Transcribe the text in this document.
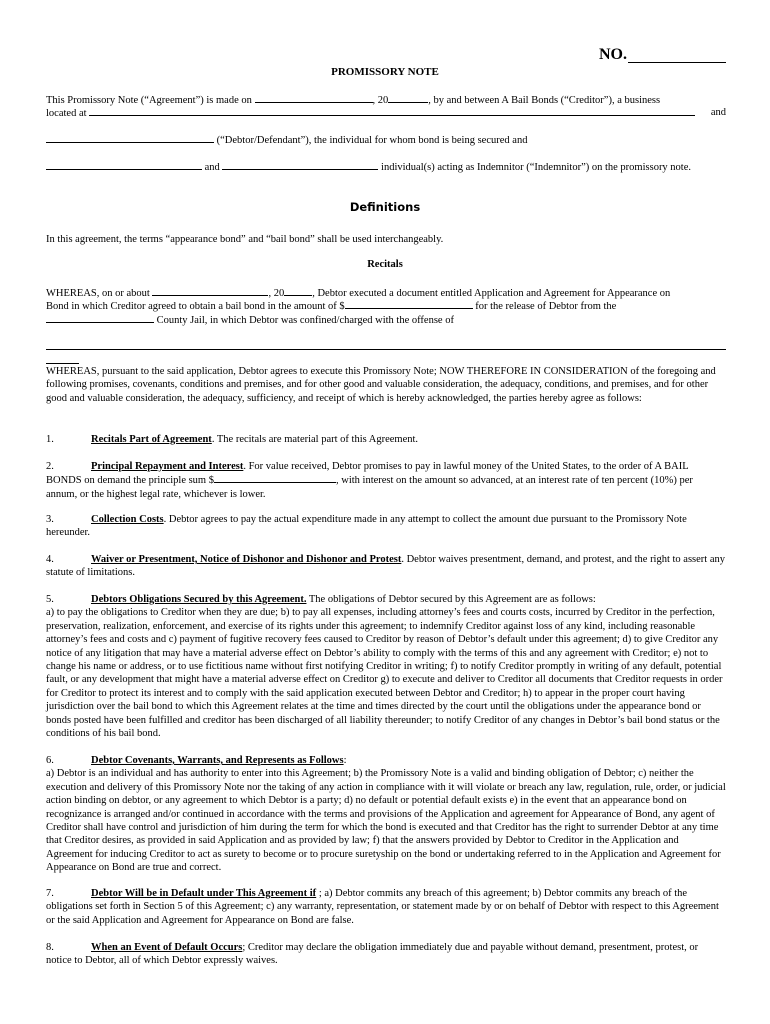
NO.
PROMISSORY NOTE
This Promissory Note (“Agreement”) is made on	, 20	, by and between A Bail Bonds (“Creditor”), a business
located at	and
(“Debtor/Defendant”), the individual for whom bond is being secured and
and	individual(s) acting as Indemnitor (“Indemnitor”) on the promissory note.
Definitions
In this agreement, the terms “appearance bond” and “bail bond” shall be used interchangeably.
Recitals
WHEREAS, on or about	, 20	, Debtor executed a document entitled Application and Agreement for Appearance on
Bond in which Creditor agreed to obtain a bail bond in the amount of $	for the release of Debtor from the
County Jail, in which Debtor was confined/charged with the offense of
WHEREAS, pursuant to the said application, Debtor agrees to execute this Promissory Note; NOW THEREFORE IN CONSIDERATION of the foregoing and following promises, covenants, conditions and premises, and for other good and valuable consideration, the adequacy, conditions, and premises, and for other good and valuable consideration, the adequacy, sufficiency, and receipt of which is hereby acknowledged, the parties hereby agree as follows:
1.	Recitals Part of Agreement. The recitals are material part of this Agreement.
2.	Principal Repayment and Interest. For value received, Debtor promises to pay in lawful money of the United States, to the order of A BAIL BONDS on demand the principle sum $	, with interest on the amount so advanced, at an interest rate of ten percent (10%) per annum, or the highest legal rate, whichever is lower.
3.	Collection Costs. Debtor agrees to pay the actual expenditure made in any attempt to collect the amount due pursuant to the Promissory Note hereunder.
4.	Waiver or Presentment, Notice of Dishonor and Dishonor and Protest. Debtor waives presentment, demand, and protest, and the right to assert any statute of limitations.
5.	Debtors Obligations Secured by this Agreement. The obligations of Debtor secured by this Agreement are as follows:
a) to pay the obligations to Creditor when they are due; b) to pay all expenses, including attorney’s fees and courts costs, incurred by Creditor in the perfection, preservation, realization, enforcement, and exercise of its rights under this agreement; to indemnify Creditor against loss of any kind, including reasonable attorney’s fees and costs and c) payment of fugitive recovery fees caused to Creditor by reason of Debtor’s default under this agreement; d) to give Creditor any notice of any litigation that may have a material adverse effect on Debtor’s ability to comply with the terms of this and any agreement with Creditor; e) not to change his name or address, or to use fictitious name without first notifying Creditor in writing; f) to notify Creditor promptly in writing of any default, potential fault, or any development that might have a material adverse effect on Creditor g) to execute and deliver to Creditor all documents that Creditor requests in order for Creditor to protect its interest and to comply with the said application executed between Debtor and Creditor; h) to appear in the proper court having jurisdiction over the bail bond to which this Agreement relates at the time and times directed by the court until the obligations under the appearance bond or bonds posted have been fulfilled and creditor has been discharged of all liability thereunder; to notify Creditor of any changes in Debtor’s bail bond status or the conditions of his bail bond.
6.	Debtor Covenants, Warrants, and Represents as Follows:
a) Debtor is an individual and has authority to enter into this Agreement; b) the Promissory Note is a valid and binding obligation of Debtor; c) neither the execution and delivery of this Promissory Note nor the taking of any action in compliance with it will violate or breach any law, regulation, rule, order, or judicial action binding on debtor, or any agreement to which Debtor is a party; d) no default or potential default exists e) in the event that an appearance bond on recognizance is arranged and/or continued in accordance with the terms and provisions of the Application and agreement for Appearance of Bond, any agent of Creditor shall have control and jurisdiction of him during the term for which the bond is executed and that Creditor has the right to surrender Debtor at any time that Creditor desires, as provided in said Application and as provided by law; f) that the answers provided by Debtor to Creditor in the Application and Agreement for inducing Creditor to act as surety to become or to procure suretyship on the bond or undertaking referred to in the Application and Agreement for Appearance on Bond are true and correct.
7.	Debtor Will be in Default under This Agreement if ; a) Debtor commits any breach of this agreement; b) Debtor commits any breach of the obligations set forth in Section 5 of this Agreement; c) any warranty, representation, or statement made by or on behalf of Debtor with respect to this Agreement or the said Application and Agreement for Appearance on Bond are false.
8.	When an Event of Default Occurs; Creditor may declare the obligation immediately due and payable without demand, presentment, protest, or notice to Debtor, all of which Debtor expressly waives.
